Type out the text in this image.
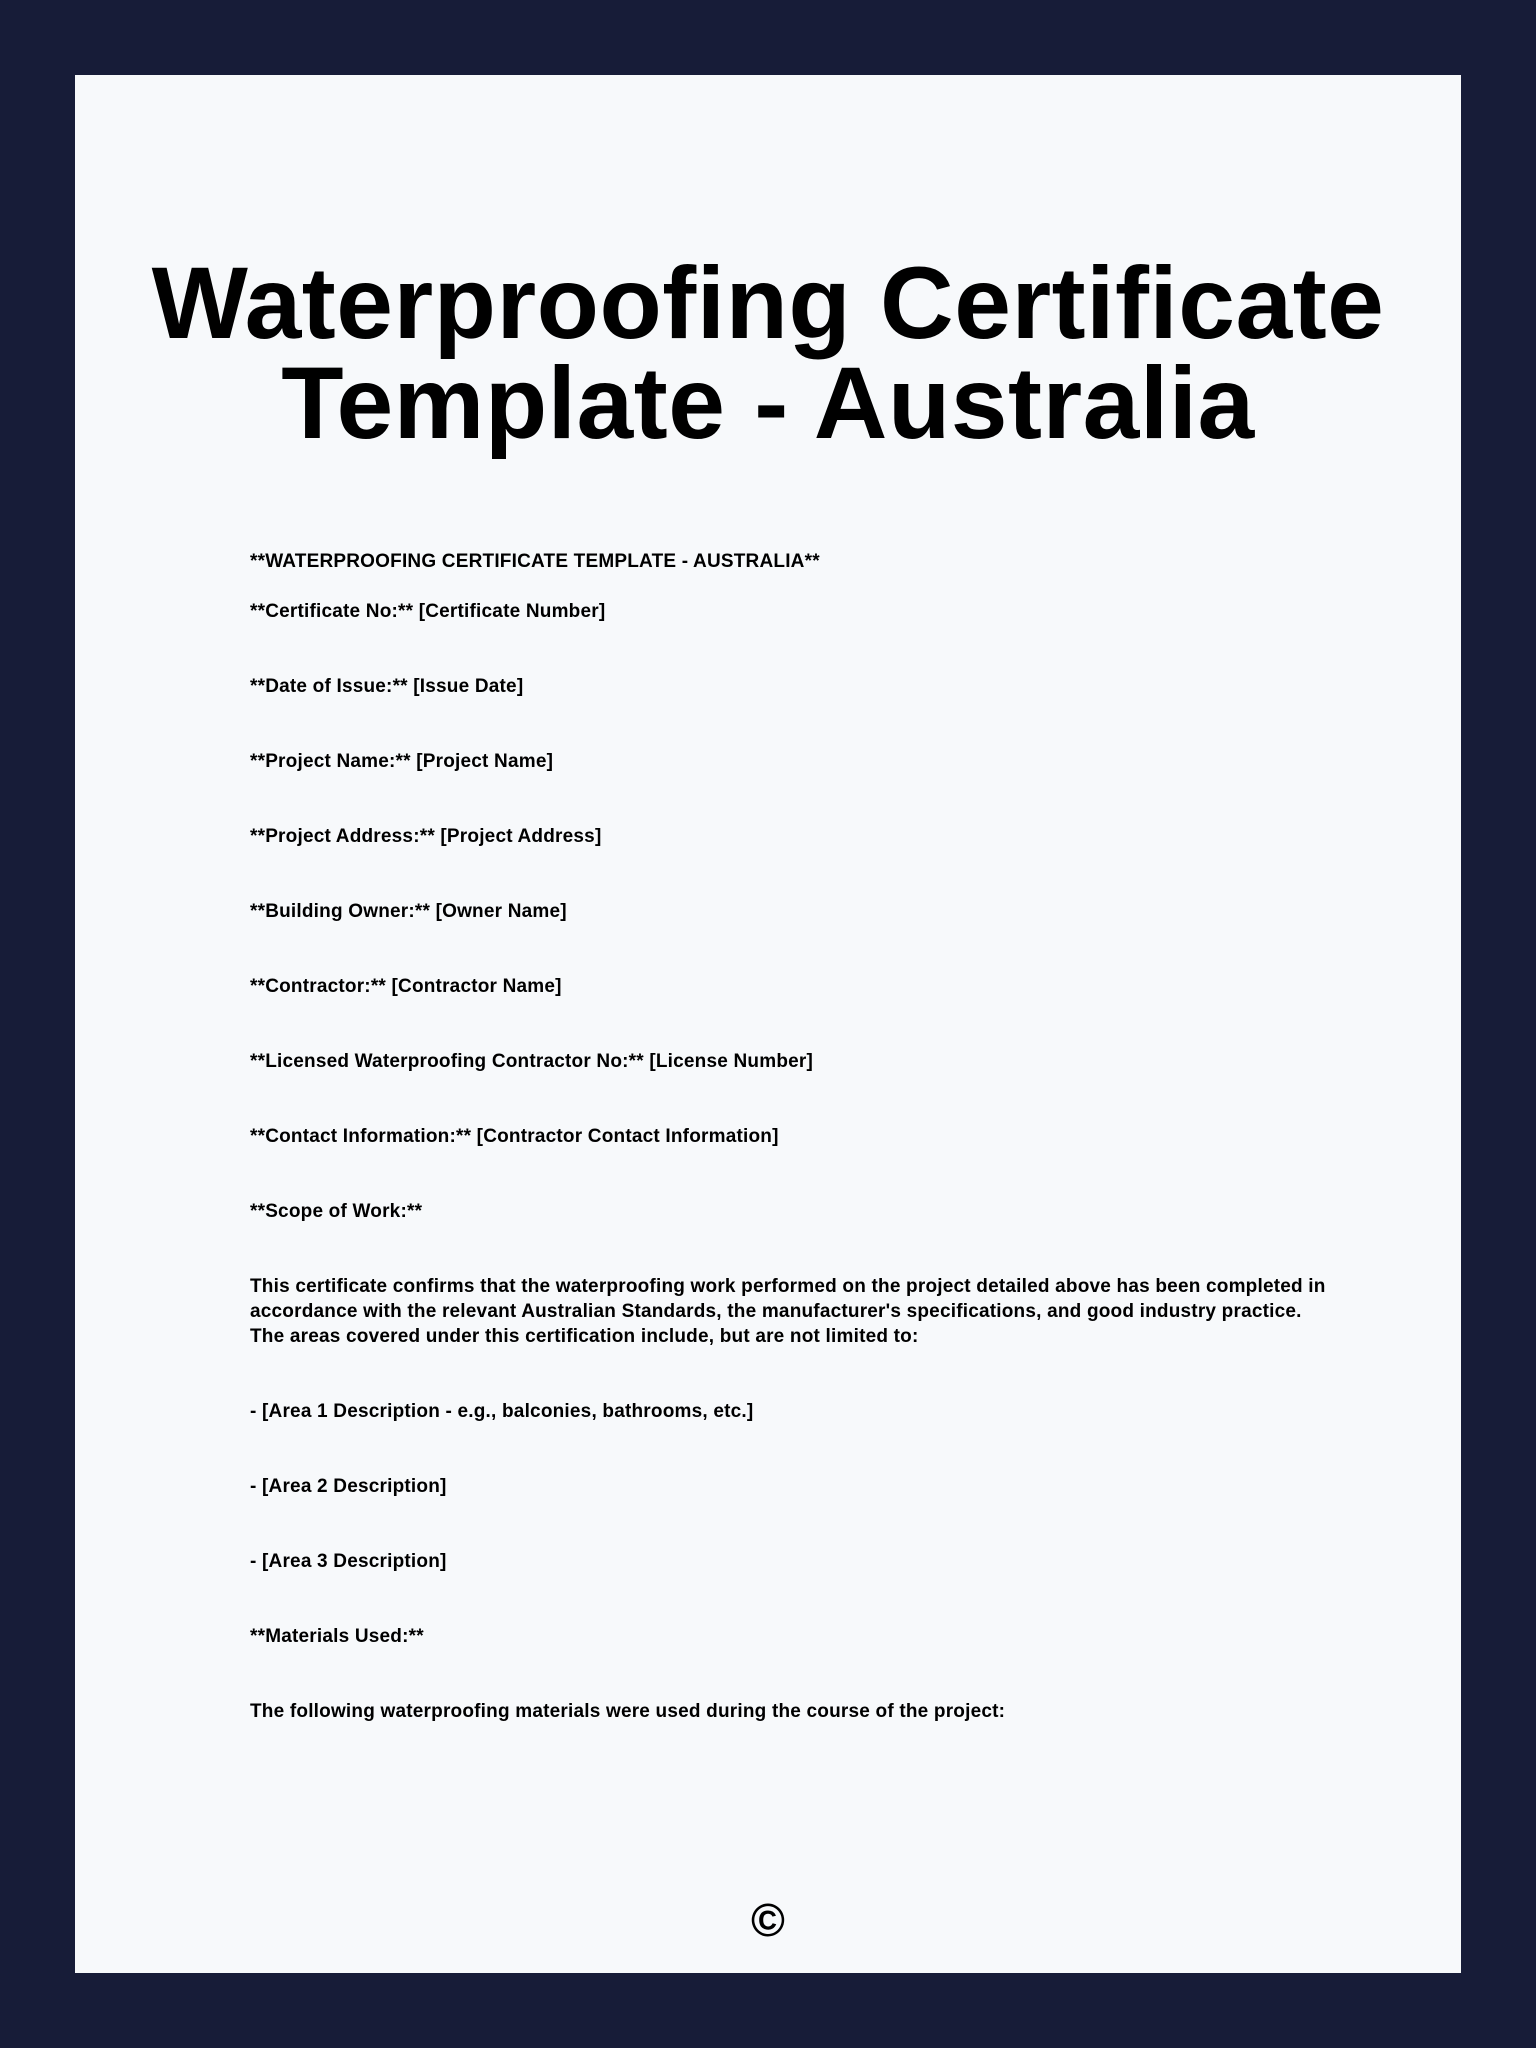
Waterproofing Certificate
Template - Australia

**WATERPROOFING CERTIFICATE TEMPLATE - AUSTRALIA**

**Certificate No:** [Certificate Number]

**Date of Issue:** [Issue Date]

**Project Name:** [Project Name]

**Project Address:** [Project Address]

**Building Owner:** [Owner Name]

**Contractor:** [Contractor Name]

**Licensed Waterproofing Contractor No:** [License Number]

**Contact Information:** [Contractor Contact Information]

**Scope of Work:**

This certificate confirms that the waterproofing work performed on the project detailed above has been completed in accordance with the relevant Australian Standards, the manufacturer's specifications, and good industry practice. The areas covered under this certification include, but are not limited to:

- [Area 1 Description - e.g., balconies, bathrooms, etc.]

- [Area 2 Description]

- [Area 3 Description]

**Materials Used:**

The following waterproofing materials were used during the course of the project:

©
